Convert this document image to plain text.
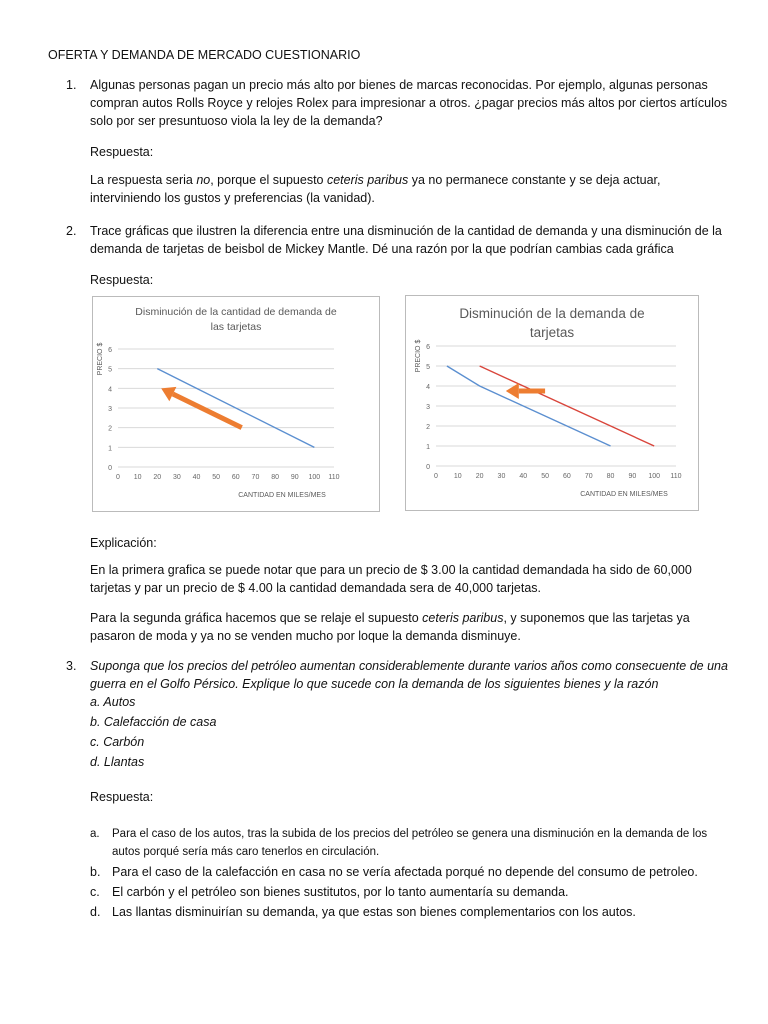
OFERTA Y DEMANDA DE MERCADO CUESTIONARIO
1. Algunas personas pagan un precio más alto por bienes de marcas reconocidas. Por ejemplo, algunas personas compran autos Rolls Royce y relojes Rolex para impresionar a otros. ¿pagar precios más altos por ciertos artículos solo por ser presuntuoso viola la ley de la demanda?
Respuesta:
La respuesta seria no, porque el supuesto ceteris paribus ya no permanece constante y se deja actuar, interviniendo los gustos y preferencias (la vanidad).
2. Trace gráficas que ilustren la diferencia entre una disminución de la cantidad de demanda y una disminución de la demanda de tarjetas de beisbol de Mickey Mantle. Dé una razón por la que podrían cambias cada gráfica
Respuesta:
Disminución de la cantidad de demanda de
las tarjetas
0
1
2
3
4
5
6
0 10 20 30 40 50 60 70 80 90 100 110
CANTIDAD EN MILES/MES
PRECIO $
Disminución de la demanda de
tarjetas
0
1
2
3
4
5
6
0 10 20 30 40 50 60 70 80 90 100 110
CANTIDAD EN MILES/MES
PRECIO $
Explicación:
En la primera grafica se puede notar que para un precio de $ 3.00 la cantidad demandada ha sido de 60,000 tarjetas y par un precio de $ 4.00 la cantidad demandada sera de 40,000 tarjetas.
Para la segunda gráfica hacemos que se relaje el supuesto ceteris paribus, y suponemos que las tarjetas ya pasaron de moda y ya no se venden mucho por loque la demanda disminuye.
3. Suponga que los precios del petróleo aumentan considerablemente durante varios años como consecuente de una guerra en el Golfo Pérsico. Explique lo que sucede con la demanda de los siguientes bienes y la razón
a. Autos
b. Calefacción de casa
c. Carbón
d. Llantas
Respuesta:
a. Para el caso de los autos, tras la subida de los precios del petróleo se genera una disminución en la demanda de los autos porqué sería más caro tenerlos en circulación.
b. Para el caso de la calefacción en casa no se vería afectada porqué no depende del consumo de petroleo.
c. El carbón y el petróleo son bienes sustitutos, por lo tanto aumentaría su demanda.
d. Las llantas disminuirían su demanda, ya que estas son bienes complementarios con los autos.
